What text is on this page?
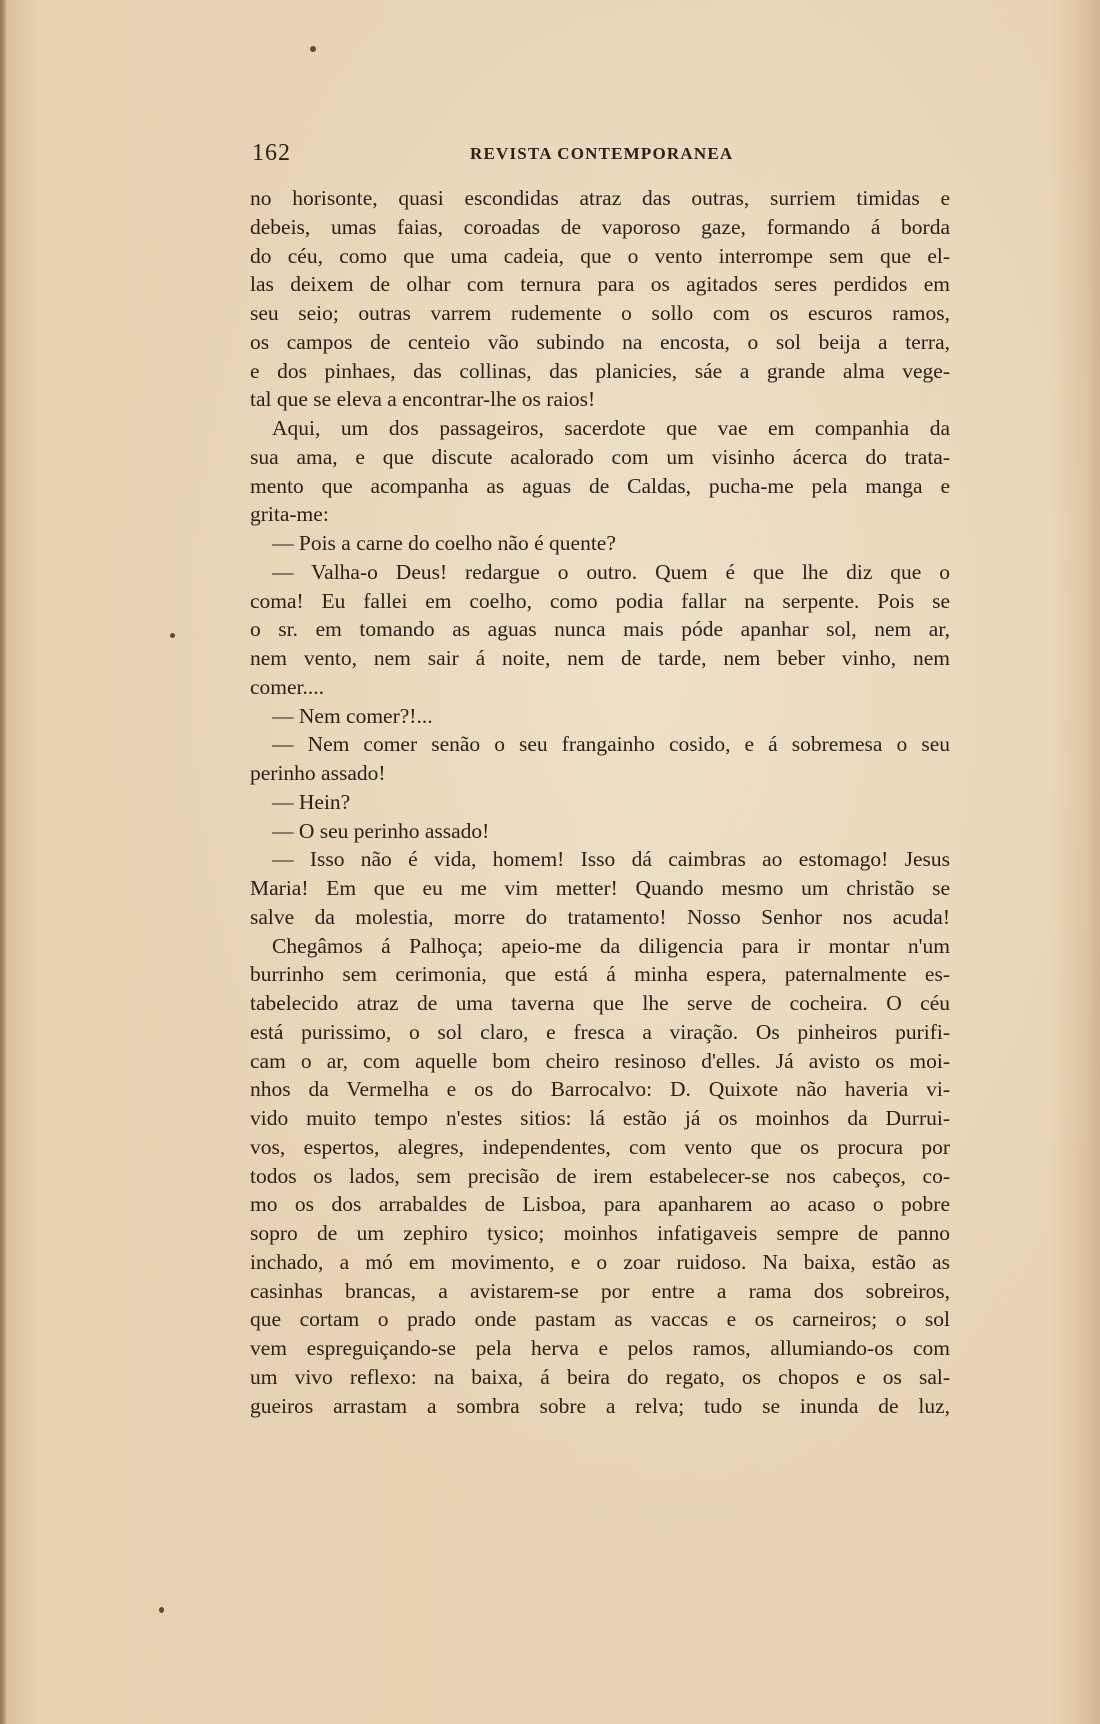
162	REVISTA CONTEMPORANEA
no horisonte, quasi escondidas atraz das outras, surriem timidas e
debeis, umas faias, coroadas de vaporoso gaze, formando á borda
do céu, como que uma cadeia, que o vento interrompe sem que el-
las deixem de olhar com ternura para os agitados seres perdidos em
seu seio; outras varrem rudemente o sollo com os escuros ramos,
os campos de centeio vão subindo na encosta, o sol beija a terra,
e dos pinhaes, das collinas, das planicies, sáe a grande alma vege-
tal que se eleva a encontrar-lhe os raios!
Aqui, um dos passageiros, sacerdote que vae em companhia da
sua ama, e que discute acalorado com um visinho ácerca do trata-
mento que acompanha as aguas de Caldas, pucha-me pela manga e
grita-me:
— Pois a carne do coelho não é quente?
— Valha-o Deus! redargue o outro. Quem é que lhe diz que o
coma! Eu fallei em coelho, como podia fallar na serpente. Pois se
o sr. em tomando as aguas nunca mais póde apanhar sol, nem ar,
nem vento, nem sair á noite, nem de tarde, nem beber vinho, nem
comer....
— Nem comer?!...
— Nem comer senão o seu frangainho cosido, e á sobremesa o seu
perinho assado!
— Hein?
— O seu perinho assado!
— Isso não é vida, homem! Isso dá caimbras ao estomago! Jesus
Maria! Em que eu me vim metter! Quando mesmo um christão se
salve da molestia, morre do tratamento! Nosso Senhor nos acuda!
Chegâmos á Palhoça; apeio-me da diligencia para ir montar n'um
burrinho sem cerimonia, que está á minha espera, paternalmente es-
tabelecido atraz de uma taverna que lhe serve de cocheira. O céu
está purissimo, o sol claro, e fresca a viração. Os pinheiros purifi-
cam o ar, com aquelle bom cheiro resinoso d'elles. Já avisto os moi-
nhos da Vermelha e os do Barrocalvo: D. Quixote não haveria vi-
vido muito tempo n'estes sitios: lá estão já os moinhos da Durrui-
vos, espertos, alegres, independentes, com vento que os procura por
todos os lados, sem precisão de irem estabelecer-se nos cabeços, co-
mo os dos arrabaldes de Lisboa, para apanharem ao acaso o pobre
sopro de um zephiro tysico; moinhos infatigaveis sempre de panno
inchado, a mó em movimento, e o zoar ruidoso. Na baixa, estão as
casinhas brancas, a avistarem-se por entre a rama dos sobreiros,
que cortam o prado onde pastam as vaccas e os carneiros; o sol
vem espreguiçando-se pela herva e pelos ramos, allumiando-os com
um vivo reflexo: na baixa, á beira do regato, os chopos e os sal-
gueiros arrastam a sombra sobre a relva; tudo se inunda de luz,
